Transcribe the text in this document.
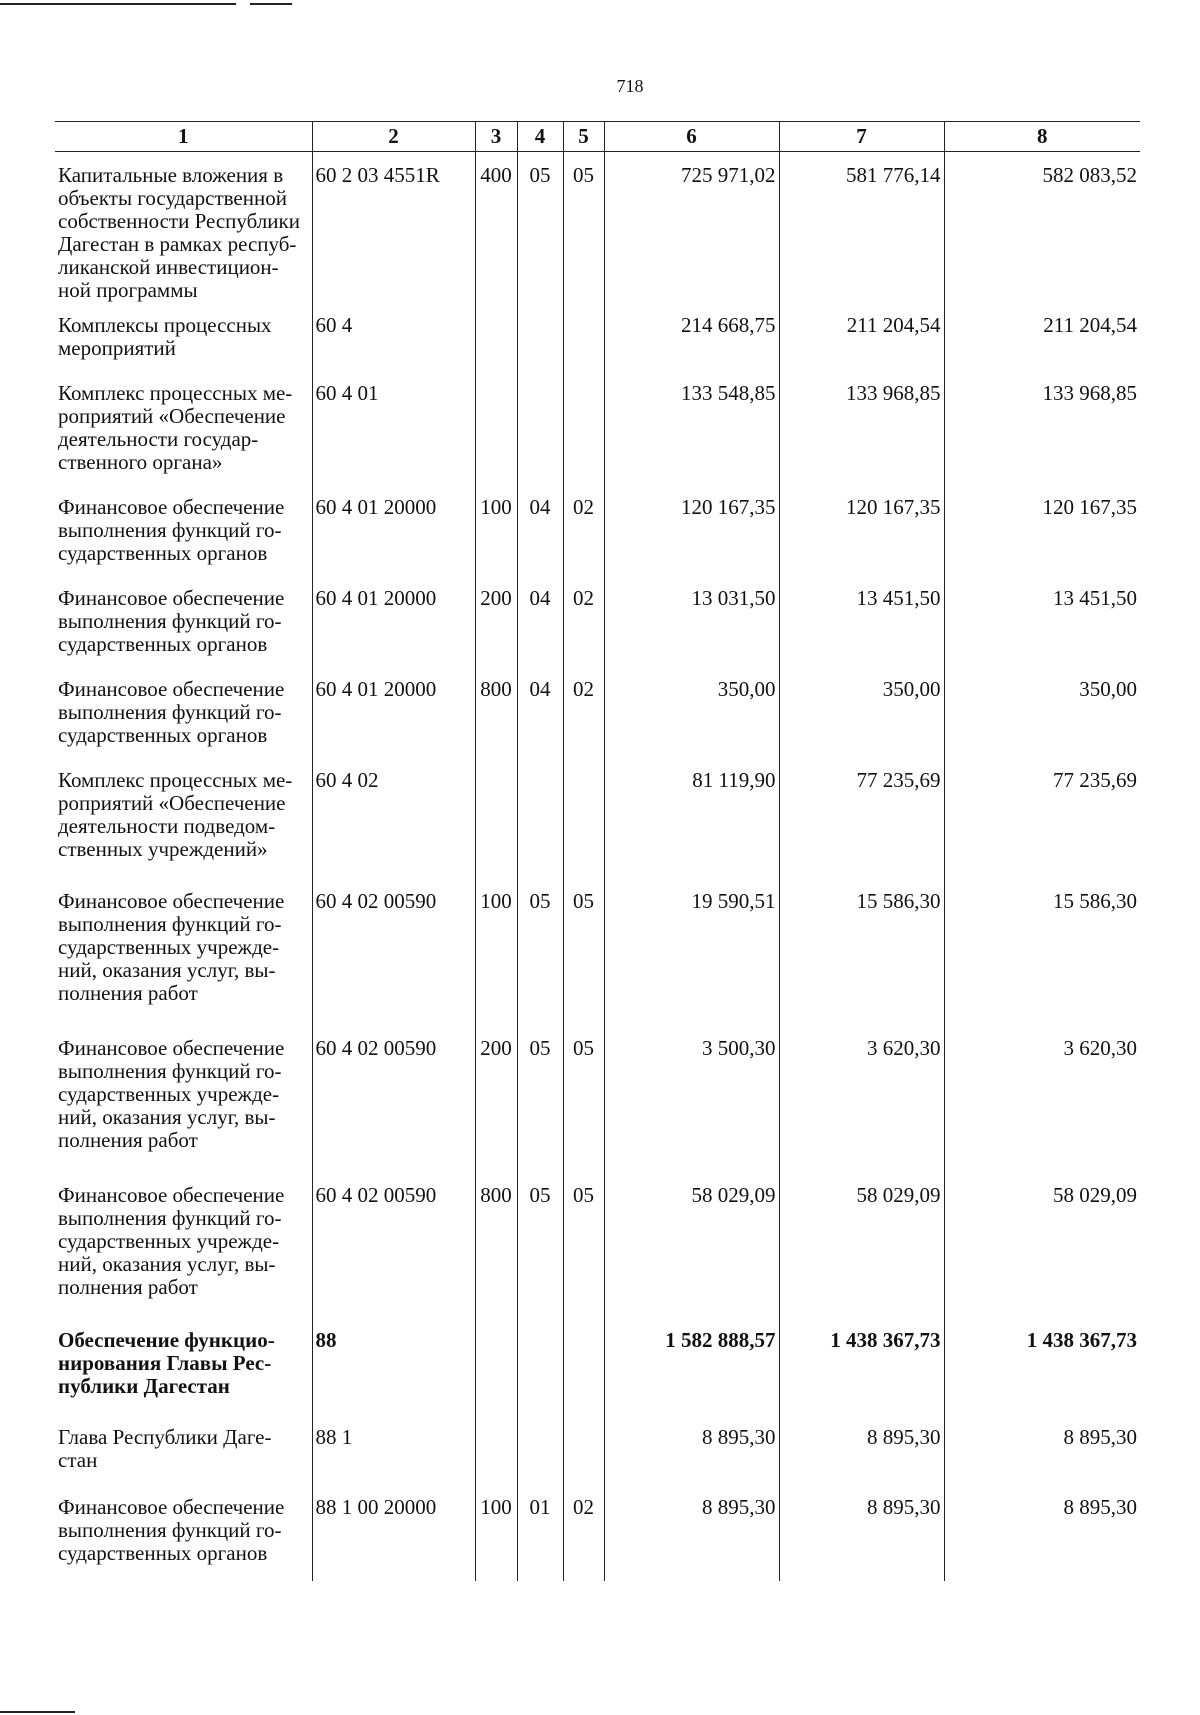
718
1	2	3	4	5	6	7	8
Капитальные вложения в объекты государственной собственности Республики Дагестан в рамках респуб-ликанской инвестицион-ной программы	60 2 03 4551R	400	05	05	725 971,02	581 776,14	582 083,52
Комплексы процессных мероприятий	60 4				214 668,75	211 204,54	211 204,54
Комплекс процессных ме-роприятий «Обеспечение деятельности государ-ственного органа»	60 4 01				133 548,85	133 968,85	133 968,85
Финансовое обеспечение выполнения функций го-сударственных органов	60 4 01 20000	100	04	02	120 167,35	120 167,35	120 167,35
Финансовое обеспечение выполнения функций го-сударственных органов	60 4 01 20000	200	04	02	13 031,50	13 451,50	13 451,50
Финансовое обеспечение выполнения функций го-сударственных органов	60 4 01 20000	800	04	02	350,00	350,00	350,00
Комплекс процессных ме-роприятий «Обеспечение деятельности подведом-ственных учреждений»	60 4 02				81 119,90	77 235,69	77 235,69
Финансовое обеспечение выполнения функций го-сударственных учрежде-ний, оказания услуг, вы-полнения работ	60 4 02 00590	100	05	05	19 590,51	15 586,30	15 586,30
Финансовое обеспечение выполнения функций го-сударственных учрежде-ний, оказания услуг, вы-полнения работ	60 4 02 00590	200	05	05	3 500,30	3 620,30	3 620,30
Финансовое обеспечение выполнения функций го-сударственных учрежде-ний, оказания услуг, вы-полнения работ	60 4 02 00590	800	05	05	58 029,09	58 029,09	58 029,09
Обеспечение функцио-нирования Главы Рес-публики Дагестан	88				1 582 888,57	1 438 367,73	1 438 367,73
Глава Республики Даге-стан	88 1				8 895,30	8 895,30	8 895,30
Финансовое обеспечение выполнения функций го-сударственных органов	88 1 00 20000	100	01	02	8 895,30	8 895,30	8 895,30
